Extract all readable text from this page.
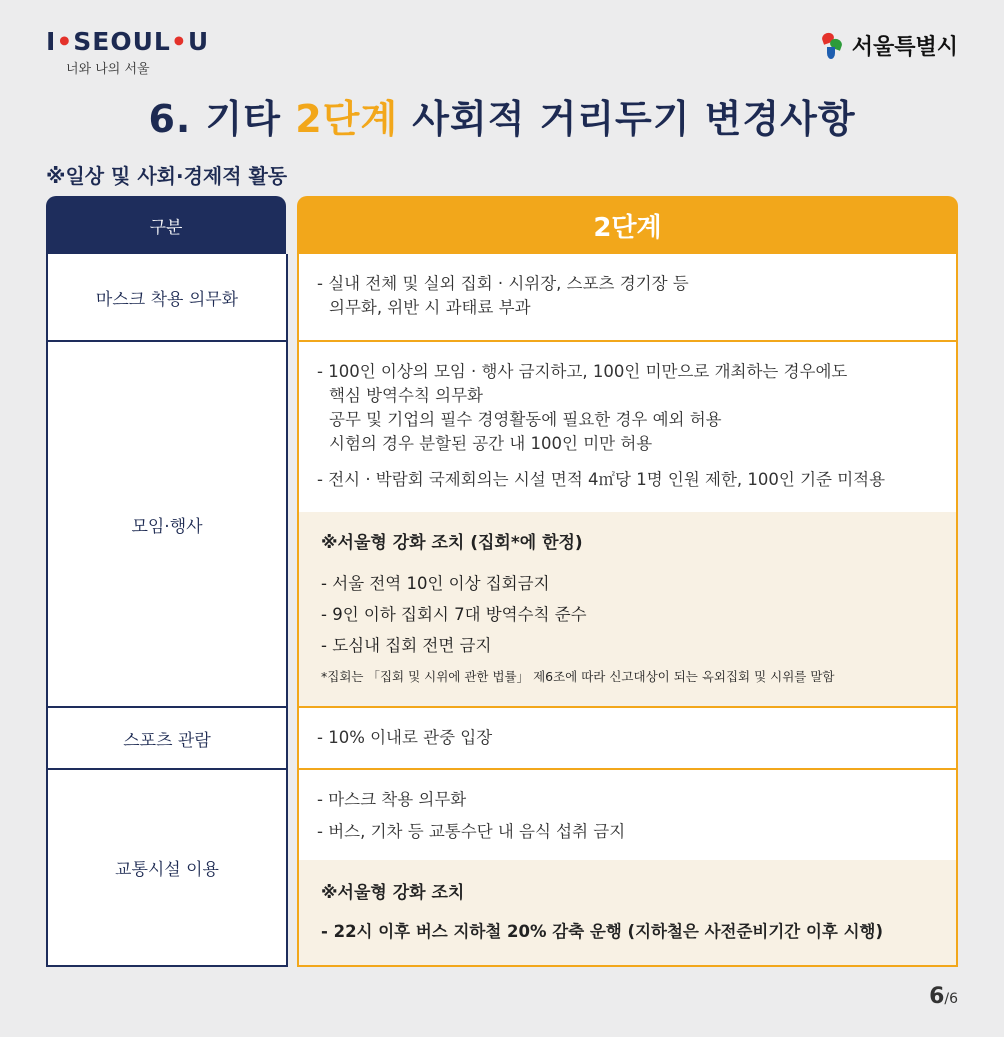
I•SEOUL•U
너와 나의 서울
서울특별시
6. 기타 2단계 사회적 거리두기 변경사항
※일상 및 사회·경제적 활동
구분	2단계
마스크 착용 의무화
모임·행사
스포츠 관람
교통시설 이용
- 실내 전체 및 실외 집회 · 시위장, 스포츠 경기장 등
의무화, 위반 시 과태료 부과
- 100인 이상의 모임 · 행사 금지하고, 100인 미만으로 개최하는 경우에도
핵심 방역수칙 의무화
공무 및 기업의 필수 경영활동에 필요한 경우 예외 허용
시험의 경우 분할된 공간 내 100인 미만 허용
- 전시 · 박람회 국제회의는 시설 면적 4㎡당 1명 인원 제한, 100인 기준 미적용
※서울형 강화 조치 (집회*에 한정)
- 서울 전역 10인 이상 집회금지
- 9인 이하 집회시 7대 방역수칙 준수
- 도심내 집회 전면 금지
*집회는 「집회 및 시위에 관한 법률」 제6조에 따라 신고대상이 되는 옥외집회 및 시위를 말함
- 10% 이내로 관중 입장
- 마스크 착용 의무화
- 버스, 기차 등 교통수단 내 음식 섭취 금지
※서울형 강화 조치
- 22시 이후 버스 지하철 20% 감축 운행 (지하철은 사전준비기간 이후 시행)
6/6
